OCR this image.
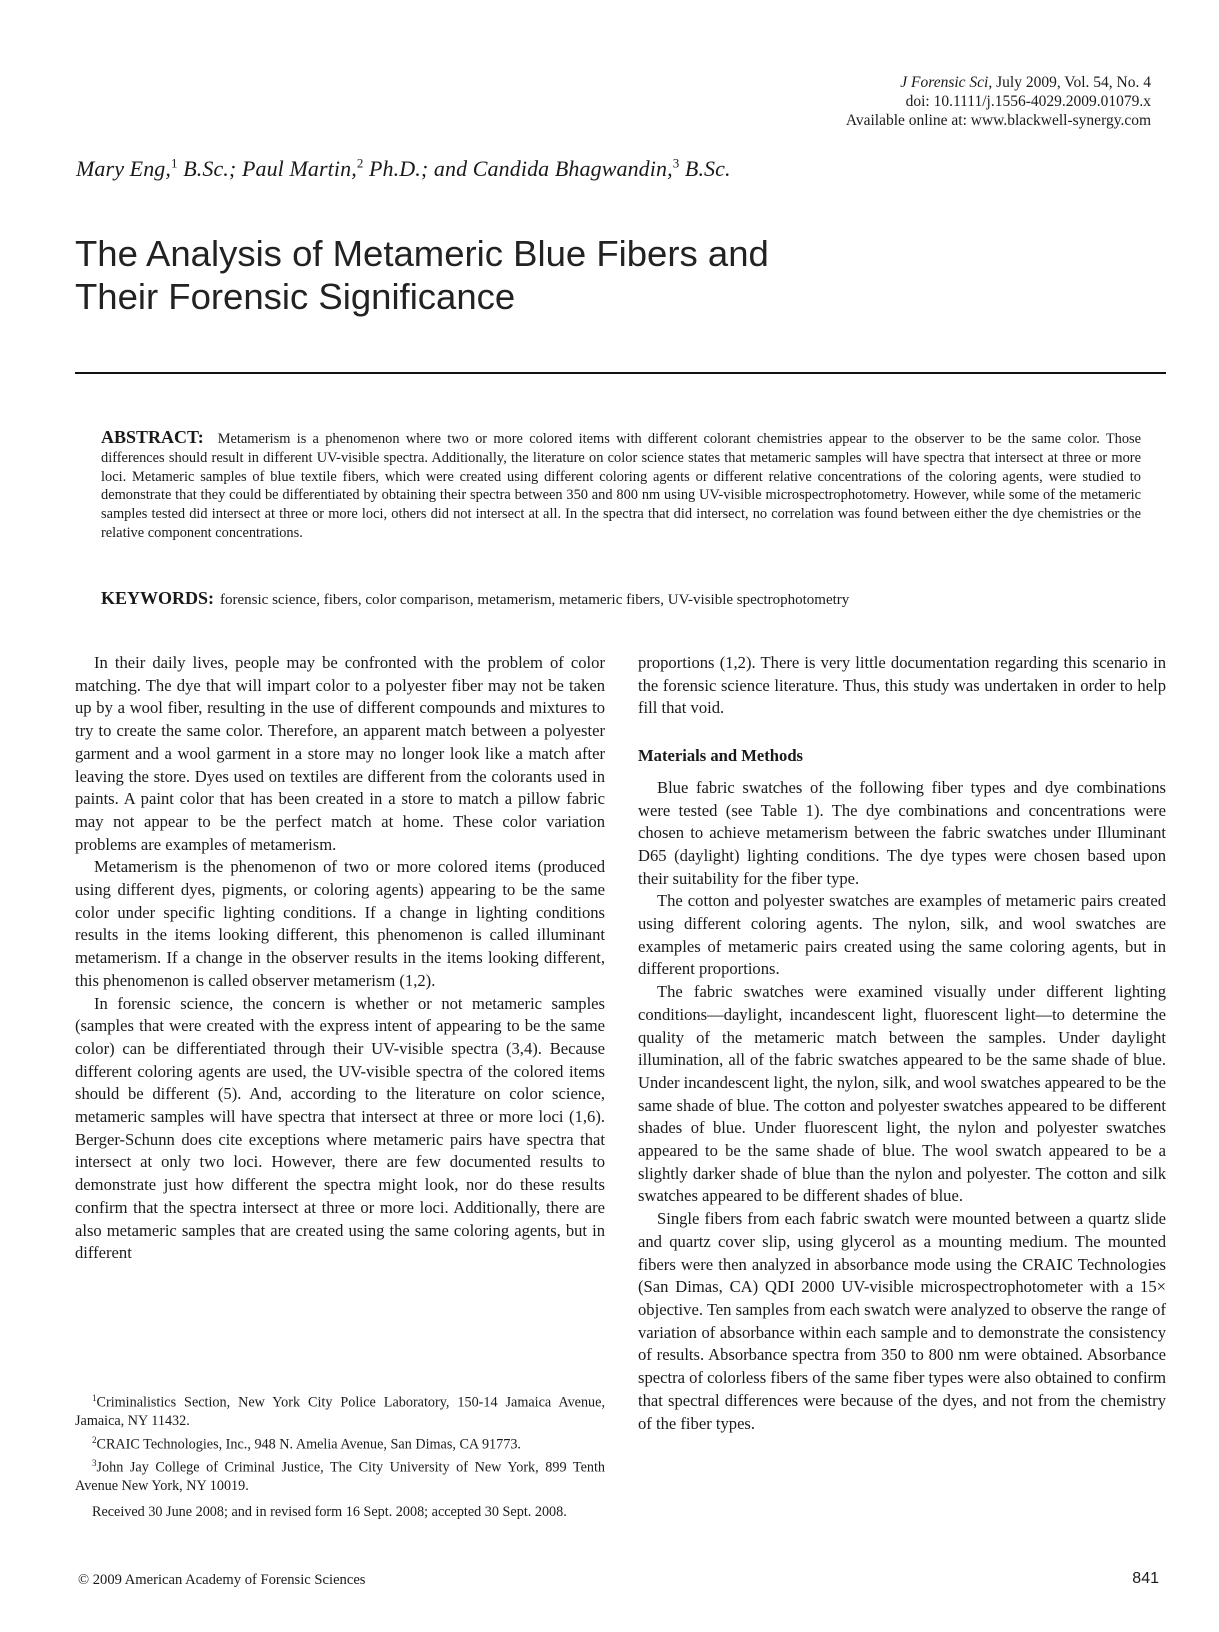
J Forensic Sci, July 2009, Vol. 54, No. 4
doi: 10.1111/j.1556-4029.2009.01079.x
Available online at: www.blackwell-synergy.com
Mary Eng,$^1$ B.Sc.; Paul Martin,$^2$ Ph.D.; and Candida Bhagwandin,$^3$ B.Sc.
The Analysis of Metameric Blue Fibers and
Their Forensic Significance
ABSTRACT: Metamerism is a phenomenon where two or more colored items with different colorant chemistries appear to the observer to be the same color. Those differences should result in different UV-visible spectra. Additionally, the literature on color science states that metameric samples will have spectra that intersect at three or more loci. Metameric samples of blue textile fibers, which were created using different coloring agents or different relative concentrations of the coloring agents, were studied to demonstrate that they could be differentiated by obtaining their spectra between 350 and 800 nm using UV-visible microspectrophotometry. However, while some of the metameric samples tested did intersect at three or more loci, others did not intersect at all. In the spectra that did intersect, no correlation was found between either the dye chemistries or the relative component concentrations.
KEYWORDS: forensic science, fibers, color comparison, metamerism, metameric fibers, UV-visible spectrophotometry

In their daily lives, people may be confronted with the problem of color matching. The dye that will impart color to a polyester fiber may not be taken up by a wool fiber, resulting in the use of different compounds and mixtures to try to create the same color. Therefore, an apparent match between a polyester garment and a wool garment in a store may no longer look like a match after leaving the store. Dyes used on textiles are different from the colorants used in paints. A paint color that has been created in a store to match a pillow fabric may not appear to be the perfect match at home. These color variation problems are examples of metamerism.

Metamerism is the phenomenon of two or more colored items (produced using different dyes, pigments, or coloring agents) appearing to be the same color under specific lighting conditions. If a change in lighting conditions results in the items looking different, this phenomenon is called illuminant metamerism. If a change in the observer results in the items looking different, this phenomenon is called observer metamerism (1,2).

In forensic science, the concern is whether or not metameric samples (samples that were created with the express intent of appearing to be the same color) can be differentiated through their UV-visible spectra (3,4). Because different coloring agents are used, the UV-visible spectra of the colored items should be different (5). And, according to the literature on color science, metameric samples will have spectra that intersect at three or more loci (1,6). Berger-Schunn does cite exceptions where metameric pairs have spectra that intersect at only two loci. However, there are few documented results to demonstrate just how different the spectra might look, nor do these results confirm that the spectra intersect at three or more loci. Additionally, there are also metameric samples that are created using the same coloring agents, but in different

$^1$Criminalistics Section, New York City Police Laboratory, 150-14 Jamaica Avenue, Jamaica, NY 11432.

$^2$CRAIC Technologies, Inc., 948 N. Amelia Avenue, San Dimas, CA 91773.

$^3$John Jay College of Criminal Justice, The City University of New York, 899 Tenth Avenue New York, NY 10019.

Received 30 June 2008; and in revised form 16 Sept. 2008; accepted 30 Sept. 2008.

proportions (1,2). There is very little documentation regarding this scenario in the forensic science literature. Thus, this study was undertaken in order to help fill that void.

Materials and Methods

Blue fabric swatches of the following fiber types and dye combinations were tested (see Table 1). The dye combinations and concentrations were chosen to achieve metamerism between the fabric swatches under Illuminant D65 (daylight) lighting conditions. The dye types were chosen based upon their suitability for the fiber type.

The cotton and polyester swatches are examples of metameric pairs created using different coloring agents. The nylon, silk, and wool swatches are examples of metameric pairs created using the same coloring agents, but in different proportions.

The fabric swatches were examined visually under different lighting conditions—daylight, incandescent light, fluorescent light—to determine the quality of the metameric match between the samples. Under daylight illumination, all of the fabric swatches appeared to be the same shade of blue. Under incandescent light, the nylon, silk, and wool swatches appeared to be the same shade of blue. The cotton and polyester swatches appeared to be different shades of blue. Under fluorescent light, the nylon and polyester swatches appeared to be the same shade of blue. The wool swatch appeared to be a slightly darker shade of blue than the nylon and polyester. The cotton and silk swatches appeared to be different shades of blue.

Single fibers from each fabric swatch were mounted between a quartz slide and quartz cover slip, using glycerol as a mounting medium. The mounted fibers were then analyzed in absorbance mode using the CRAIC Technologies (San Dimas, CA) QDI 2000 UV-visible microspectrophotometer with a 15× objective. Ten samples from each swatch were analyzed to observe the range of variation of absorbance within each sample and to demonstrate the consistency of results. Absorbance spectra from 350 to 800 nm were obtained. Absorbance spectra of colorless fibers of the same fiber types were also obtained to confirm that spectral differences were because of the dyes, and not from the chemistry of the fiber types.

© 2009 American Academy of Forensic Sciences	841
